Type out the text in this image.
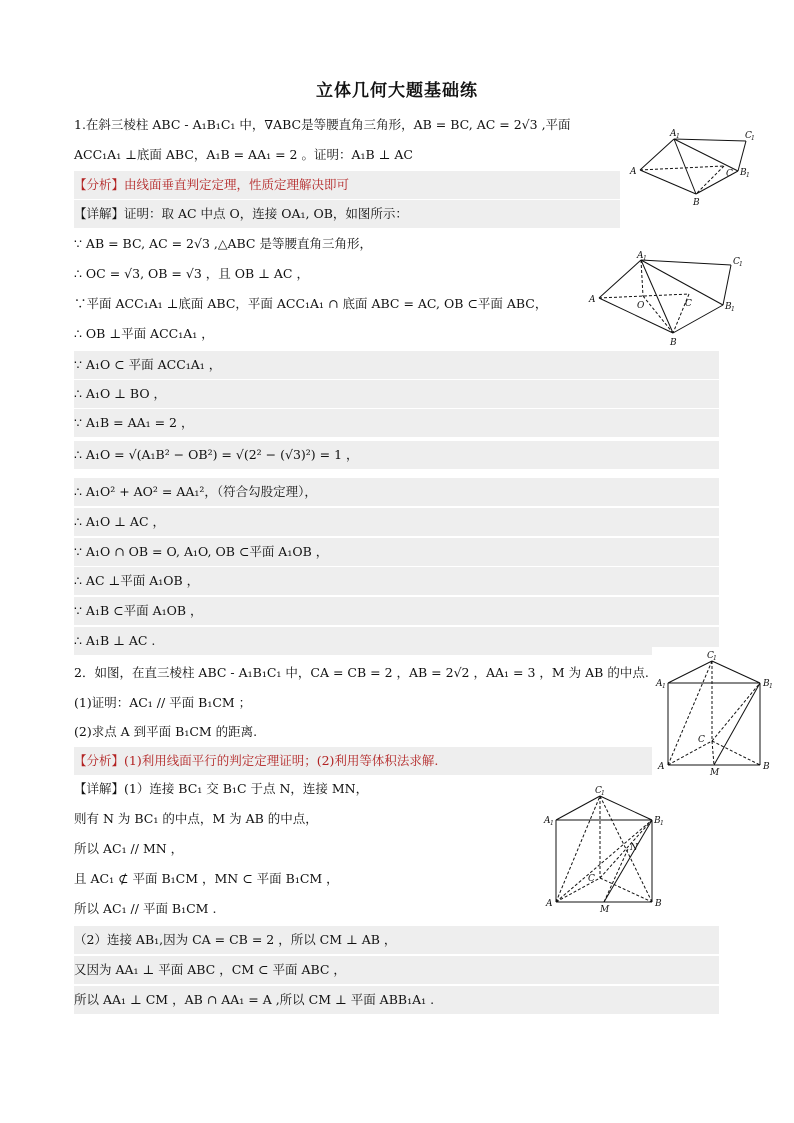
立体几何大题基础练
1.在斜三棱柱 ABC - A₁B₁C₁ 中，∇ABC是等腰直角三角形，AB = BC, AC = 2√3 ,平面
ACC₁A₁ ⊥底面 ABC，A₁B = AA₁ = 2 。证明：A₁B ⊥ AC
【分析】由线面垂直判定定理，性质定理解决即可
【详解】证明：取 AC 中点 O，连接 OA₁, OB，如图所示：
∵ AB = BC, AC = 2√3 ,△ABC 是等腰直角三角形，
∴ OC = √3, OB = √3 ，且 OB ⊥ AC ，
∵平面 ACC₁A₁ ⊥底面 ABC，平面 ACC₁A₁ ∩ 底面 ABC = AC, OB ⊂平面 ABC，
∴ OB ⊥平面 ACC₁A₁ ，
∵ A₁O ⊂ 平面 ACC₁A₁ ，
∴ A₁O ⊥ BO ，
∵ A₁B = AA₁ = 2 ，
∴ A₁O = √(A₁B² − OB²) = √(2² − (√3)²) = 1 ，
∴ A₁O² + AO² = AA₁²，（符合勾股定理），
∴ A₁O ⊥ AC ，
∵ A₁O ∩ OB = O, A₁O, OB ⊂平面 A₁OB ，
∴ AC ⊥平面 A₁OB ，
∵ A₁B ⊂平面 A₁OB ，
∴ A₁B ⊥ AC .
2．如图，在直三棱柱 ABC - A₁B₁C₁ 中，CA = CB = 2 ，AB = 2√2 ，AA₁ = 3 ，M 为 AB 的中点.
(1)证明：AC₁ // 平面 B₁CM ；
(2)求点 A 到平面 B₁CM 的距离.
【分析】(1)利用线面平行的判定定理证明；(2)利用等体积法求解.
【详解】(1）连接 BC₁ 交 B₁C 于点 N，连接 MN，
则有 N 为 BC₁ 的中点，M 为 AB 的中点，
所以 AC₁ // MN ，
且 AC₁ ⊄ 平面 B₁CM ，MN ⊂ 平面 B₁CM ，
所以 AC₁ // 平面 B₁CM .
（2）连接 AB₁,因为 CA = CB = 2 ，所以 CM ⊥ AB ，
又因为 AA₁ ⊥ 平面 ABC ，CM ⊂ 平面 ABC ，
所以 AA₁ ⊥ CM ，AB ∩ AA₁ = A ,所以 CM ⊥ 平面 ABB₁A₁ .
A
A 1	C 1
C B 1
B
A
A 1	C 1
O	C	B 1
B
C 1
A 1	B 1
C
A
M
B
C 1
A 1	B 1
N
C
A
M
B
